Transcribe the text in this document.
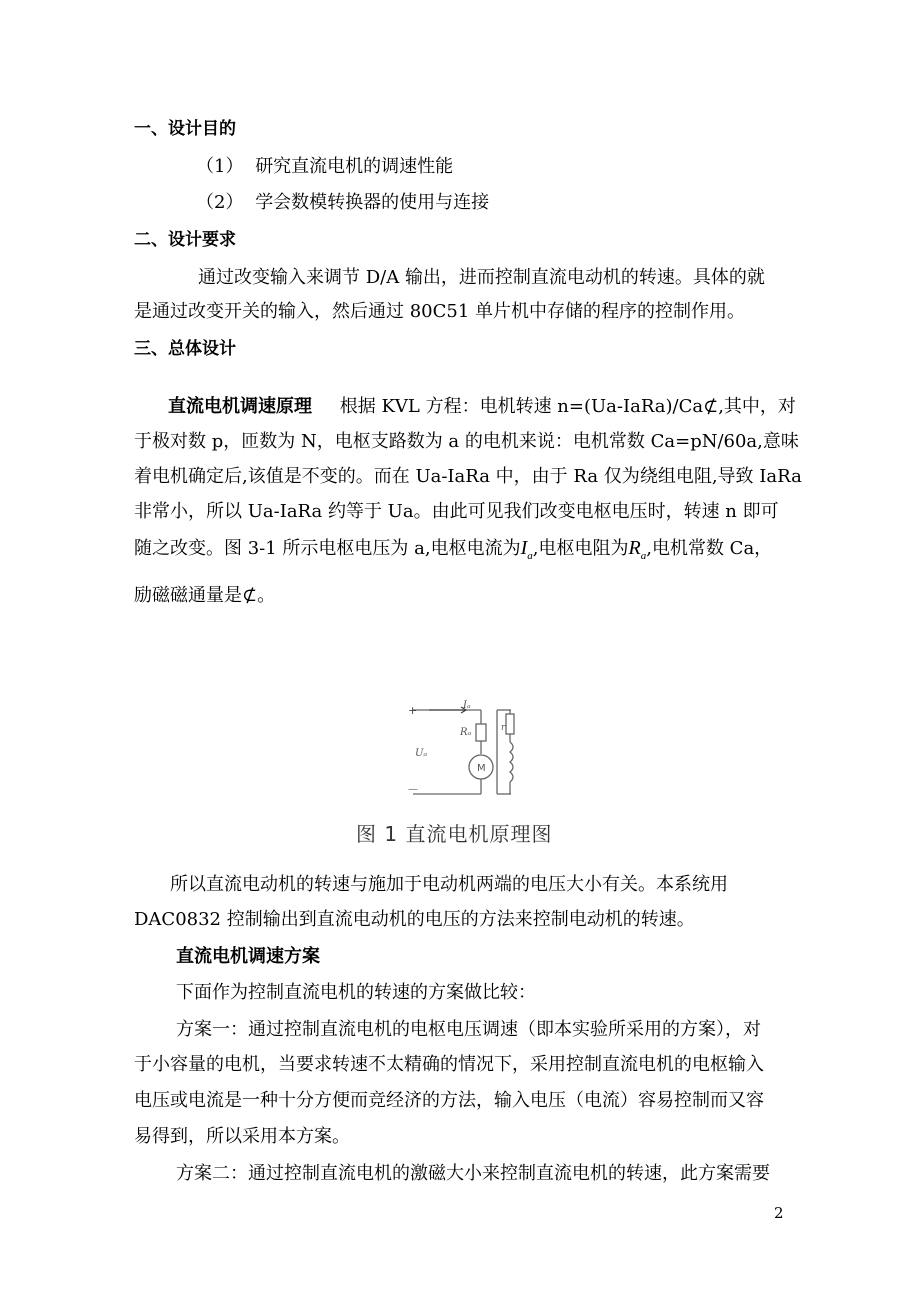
一、设计目的
（1） 研究直流电机的调速性能
（2） 学会数模转换器的使用与连接
二、设计要求
通过改变输入来调节 D/A 输出，进而控制直流电动机的转速。具体的就
是通过改变开关的输入，然后通过 80C51 单片机中存储的程序的控制作用。
三、总体设计
直流电机调速原理 根据 KVL 方程：电机转速 n=(Ua-IaRa)/Ca⊄,其中，对
于极对数 p，匝数为 N，电枢支路数为 a 的电机来说：电机常数 Ca=pN/60a,意味
着电机确定后,该值是不变的。而在 Ua-IaRa 中，由于 Ra 仅为绕组电阻,导致 IaRa
非常小，所以 Ua-IaRa 约等于 Ua。由此可见我们改变电枢电压时，转速 n 即可
随之改变。图 3-1 所示电枢电压为 a,电枢电流为$I_a$,电枢电阻为$R_a$,电机常数 Ca，
励磁磁通量是⊄。
+
—
Iₐ
Rₐ
Uₐ
r
M
图 1 直流电机原理图
所以直流电动机的转速与施加于电动机两端的电压大小有关。本系统用
DAC0832 控制输出到直流电动机的电压的方法来控制电动机的转速。
直流电机调速方案
下面作为控制直流电机的转速的方案做比较：
方案一：通过控制直流电机的电枢电压调速（即本实验所采用的方案），对
于小容量的电机，当要求转速不太精确的情况下，采用控制直流电机的电枢输入
电压或电流是一种十分方便而竞经济的方法，输入电压（电流）容易控制而又容
易得到，所以采用本方案。
方案二：通过控制直流电机的激磁大小来控制直流电机的转速，此方案需要
2
